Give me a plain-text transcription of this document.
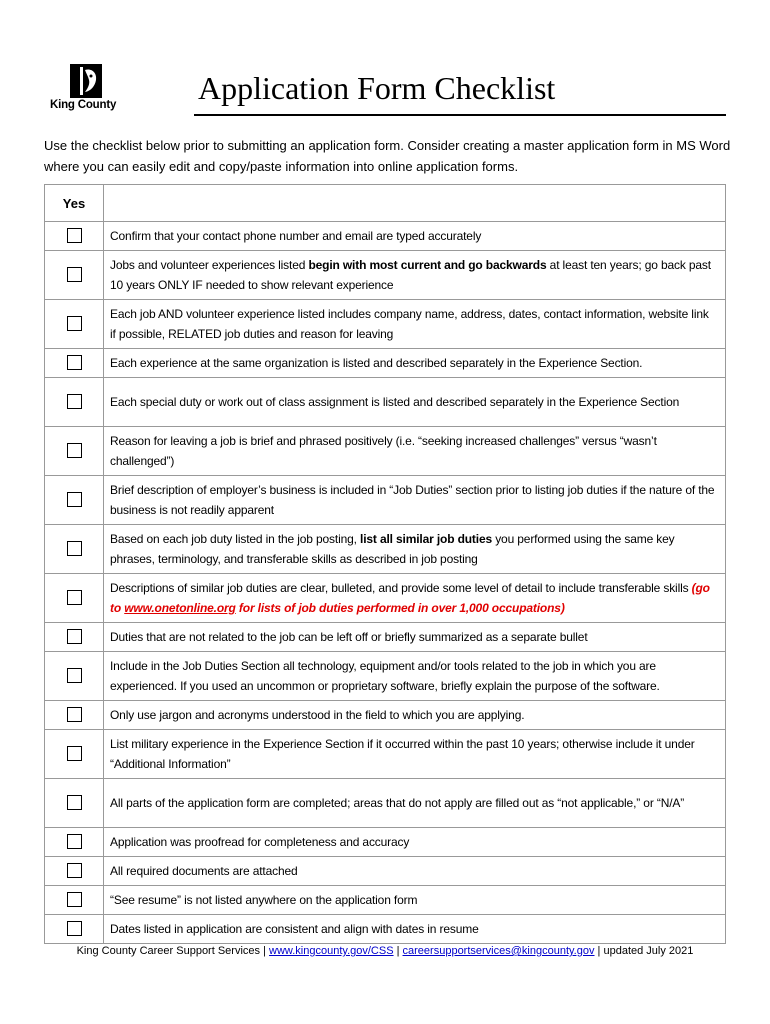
King County	Application Form Checklist
Use the checklist below prior to submitting an application form. Consider creating a master application form in MS Word where you can easily edit and copy/paste information into online application forms.
Yes	
	Confirm that your contact phone number and email are typed accurately
	Jobs and volunteer experiences listed begin with most current and go backwards at least ten years; go back past 10 years ONLY IF needed to show relevant experience
	Each job AND volunteer experience listed includes company name, address, dates, contact information, website link if possible, RELATED job duties and reason for leaving
	Each experience at the same organization is listed and described separately in the Experience Section.
	Each special duty or work out of class assignment is listed and described separately in the Experience Section
	Reason for leaving a job is brief and phrased positively (i.e. “seeking increased challenges” versus “wasn’t challenged”)
	Brief description of employer’s business is included in “Job Duties” section prior to listing job duties if the nature of the business is not readily apparent
	Based on each job duty listed in the job posting, list all similar job duties you performed using the same key phrases, terminology, and transferable skills as described in job posting
	Descriptions of similar job duties are clear, bulleted, and provide some level of detail to include transferable skills (go to www.onetonline.org for lists of job duties performed in over 1,000 occupations)
	Duties that are not related to the job can be left off or briefly summarized as a separate bullet
	Include in the Job Duties Section all technology, equipment and/or tools related to the job in which you are experienced. If you used an uncommon or proprietary software, briefly explain the purpose of the software.
	Only use jargon and acronyms understood in the field to which you are applying.
	List military experience in the Experience Section if it occurred within the past 10 years; otherwise include it under “Additional Information”
	All parts of the application form are completed; areas that do not apply are filled out as “not applicable,” or “N/A”
	Application was proofread for completeness and accuracy
	All required documents are attached
	“See resume” is not listed anywhere on the application form
	Dates listed in application are consistent and align with dates in resume
King County Career Support Services | www.kingcounty.gov/CSS | careersupportservices@kingcounty.gov | updated July 2021
